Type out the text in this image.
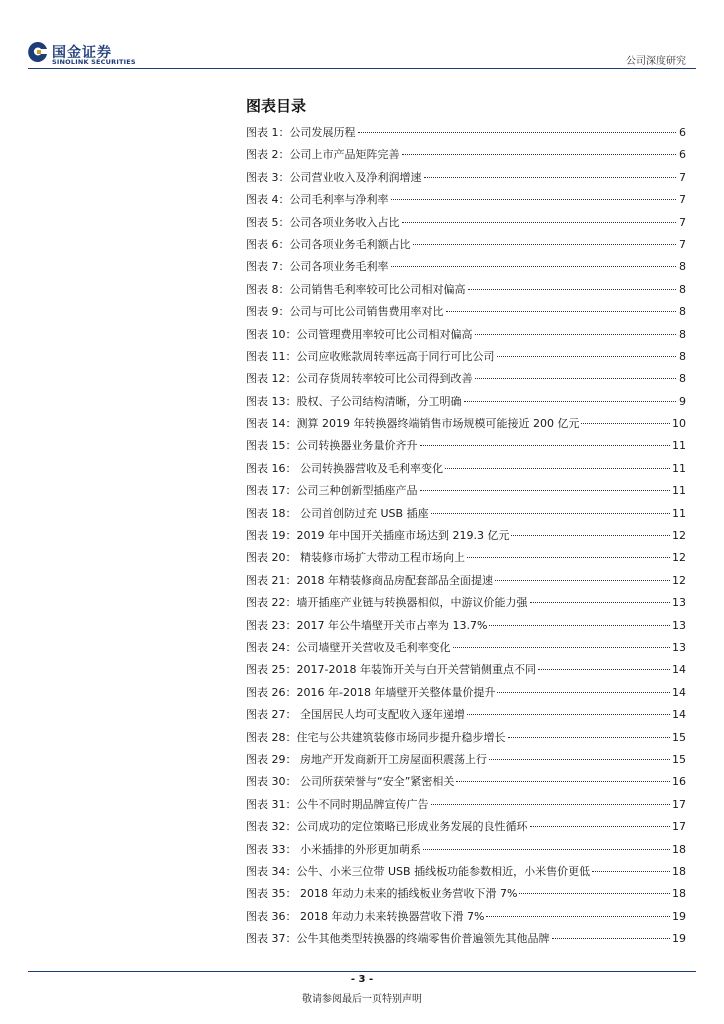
国金证券
SINOLINK SECURITIES	公司深度研究
图表目录
图表 1：公司发展历程	6
图表 2：公司上市产品矩阵完善	6
图表 3：公司营业收入及净利润增速	7
图表 4：公司毛利率与净利率	7
图表 5：公司各项业务收入占比	7
图表 6：公司各项业务毛利额占比	7
图表 7：公司各项业务毛利率	8
图表 8：公司销售毛利率较可比公司相对偏高	8
图表 9：公司与可比公司销售费用率对比	8
图表 10：公司管理费用率较可比公司相对偏高	8
图表 11：公司应收账款周转率远高于同行可比公司	8
图表 12：公司存货周转率较可比公司得到改善	8
图表 13：股权、子公司结构清晰，分工明确	9
图表 14：测算 2019 年转换器终端销售市场规模可能接近 200 亿元	10
图表 15：公司转换器业务量价齐升	11
图表 16： 公司转换器营收及毛利率变化	11
图表 17：公司三种创新型插座产品	11
图表 18： 公司首创防过充 USB 插座	11
图表 19：2019 年中国开关插座市场达到 219.3 亿元	12
图表 20： 精装修市场扩大带动工程市场向上	12
图表 21：2018 年精装修商品房配套部品全面提速	12
图表 22：墙开插座产业链与转换器相似，中游议价能力强	13
图表 23：2017 年公牛墙壁开关市占率为 13.7%	13
图表 24：公司墙壁开关营收及毛利率变化	13
图表 25：2017-2018 年装饰开关与白开关营销侧重点不同	14
图表 26：2016 年-2018 年墙壁开关整体量价提升	14
图表 27： 全国居民人均可支配收入逐年递增	14
图表 28：住宅与公共建筑装修市场同步提升稳步增长	15
图表 29： 房地产开发商新开工房屋面积震荡上行	15
图表 30： 公司所获荣誉与“安全”紧密相关	16
图表 31：公牛不同时期品牌宣传广告	17
图表 32：公司成功的定位策略已形成业务发展的良性循环	17
图表 33： 小米插排的外形更加萌系	18
图表 34：公牛、小米三位带 USB 插线板功能参数相近，小米售价更低	18
图表 35： 2018 年动力未来的插线板业务营收下滑 7%	18
图表 36： 2018 年动力未来转换器营收下滑 7%	19
图表 37：公牛其他类型转换器的终端零售价普遍领先其他品牌	19
- 3 -
敬请参阅最后一页特别声明
